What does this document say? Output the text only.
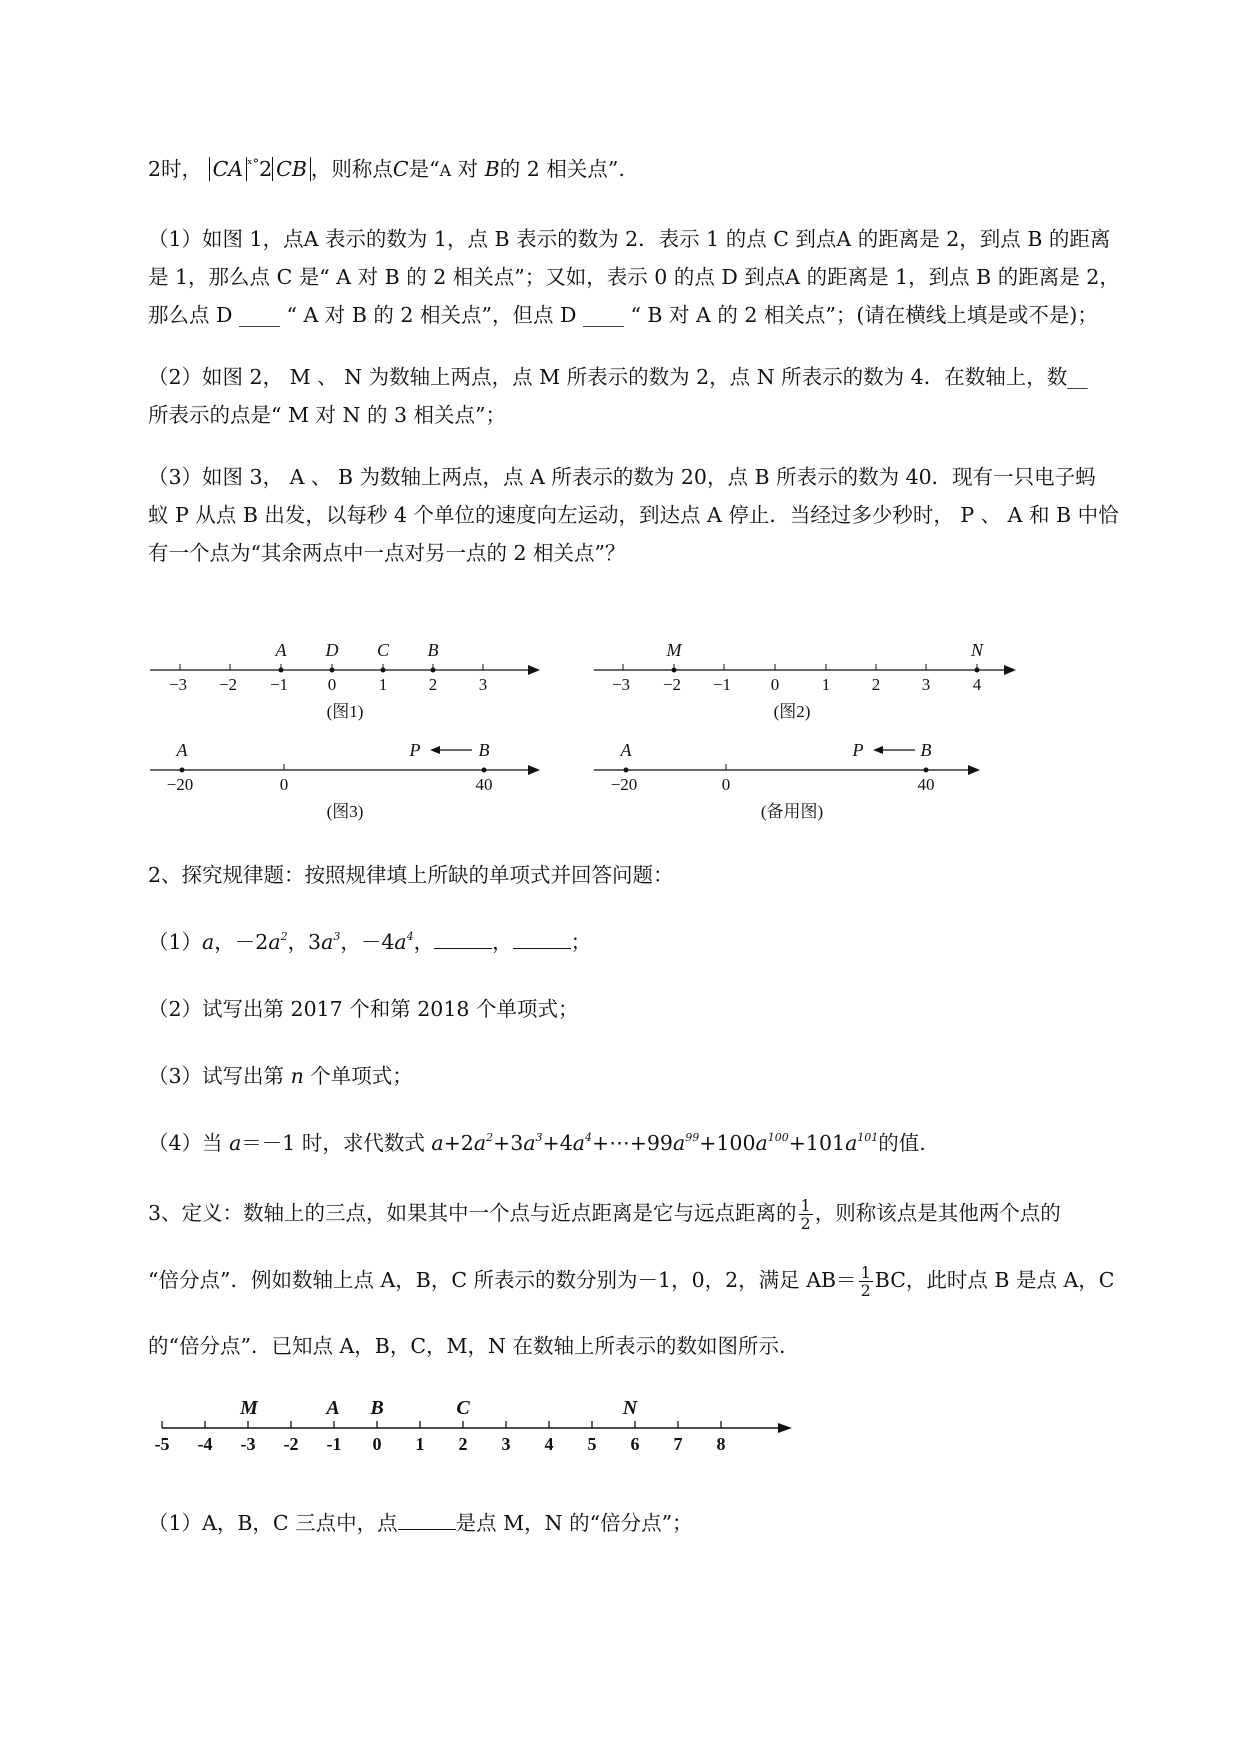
2时， CA $^{ˣ^\circ}$2 CB ，则称点C是“A 对 B的 2 相关点”.
（1）如图 1，点A 表示的数为 1，点 B 表示的数为 2．表示 1 的点 C 到点A 的距离是 2，到点 B 的距离
是 1，那么点 C 是“ A 对 B 的 2 相关点”；又如，表示 0 的点 D 到点A 的距离是 1，到点 B 的距离是 2，
那么点 D ____ “ A 对 B 的 2 相关点”，但点 D ____ “ B 对 A 的 2 相关点”；(请在横线上填是或不是)；
（2）如图 2， M 、 N 为数轴上两点，点 M 所表示的数为 2，点 N 所表示的数为 4．在数轴上，数__
所表示的点是“ M 对 N 的 3 相关点”；
（3）如图 3， A 、 B 为数轴上两点，点 A 所表示的数为 20，点 B 所表示的数为 40．现有一只电子蚂
蚁 P 从点 B 出发，以每秒 4 个单位的速度向左运动，到达点 A 停止．当经过多少秒时， P 、 A 和 B 中恰
有一个点为“其余两点中一点对另一点的 2 相关点”？
A D C B
−3 −2 −1 0	1 2 3
(图1)
M	N
−3 −2 −1 0	1 2 3	4
(图2)
A	P	B
−20	0	40
(图3)
A	P	B
−20	0	40
(备用图)
2、探究规律题：按照规律填上所缺的单项式并回答问题：
（1）a，$-2a^2$，$3a^3$，$-4a^4$，	，	；
（2）试写出第 2017 个和第 2018 个单项式；
（3）试写出第 n 个单项式；
（4）当 a＝－1 时，求代数式 $a+2a^2+3a^3+4a^4+\cdots+99a^{99}+100a^{100}+101a^{101}$的值.
3、定义：数轴上的三点，如果其中一个点与近点距离是它与远点距离的 $\frac{1}{2}$ ，则称该点是其他两个点的
“倍分点”．例如数轴上点 A，B，C 所表示的数分别为－1，0，2，满足 $AB= \frac{1}{2}$ BC，此时点 B 是点 A，C
的“倍分点”．已知点 A，B，C，M，N 在数轴上所表示的数如图所示.
M	A B	C	N
-5 -4 -3 -2 -1 0 1 2 3 4 5 6 7 8
（1）A，B，C 三点中，点	是点 M，N 的“倍分点”；
